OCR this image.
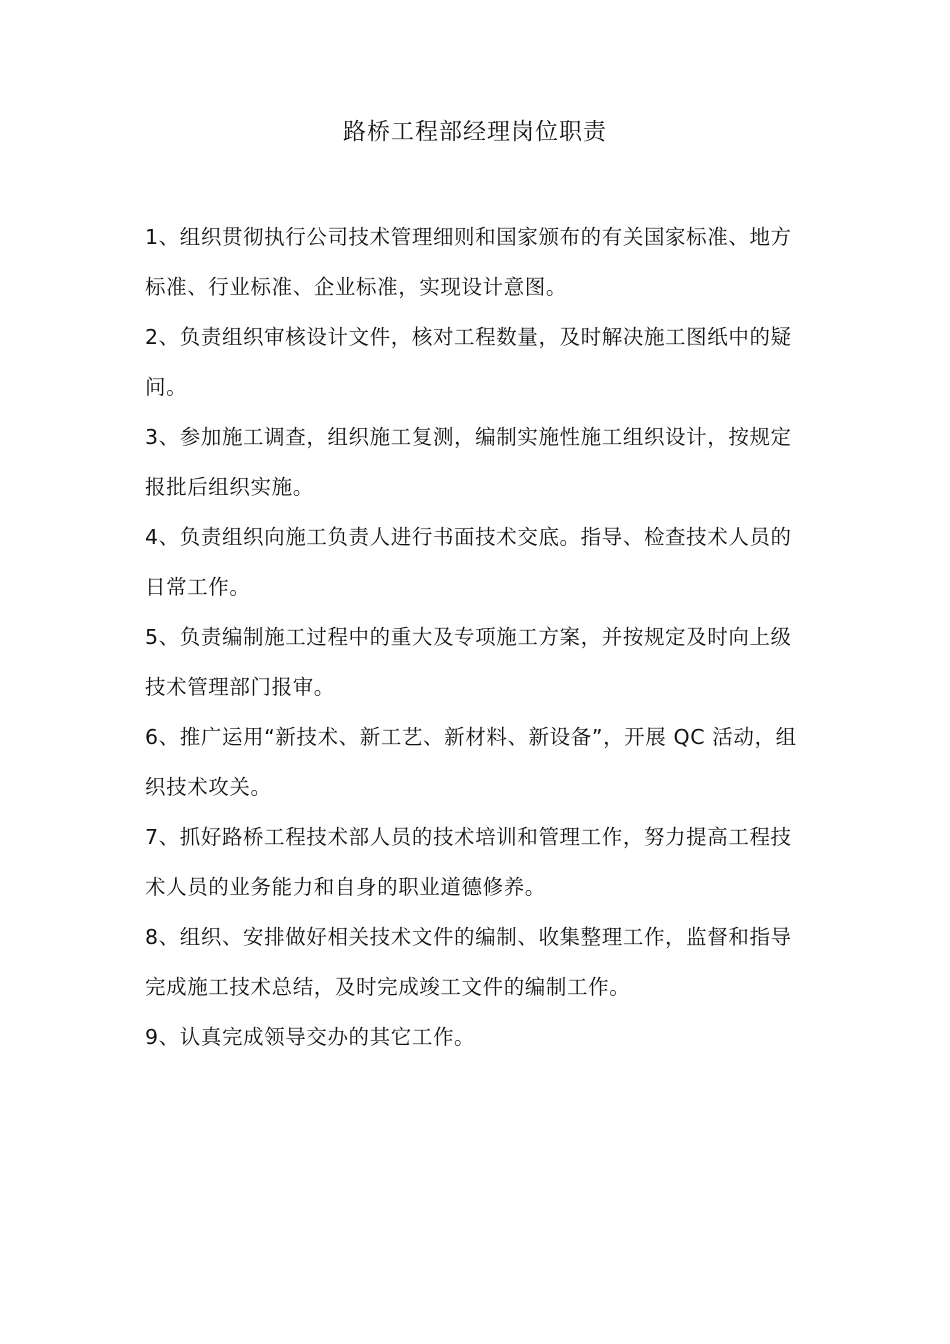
路桥工程部经理岗位职责

1、组织贯彻执行公司技术管理细则和国家颁布的有关国家标准、地方标准、行业标准、企业标准，实现设计意图。

2、负责组织审核设计文件，核对工程数量，及时解决施工图纸中的疑问。

3、参加施工调查，组织施工复测，编制实施性施工组织设计，按规定报批后组织实施。

4、负责组织向施工负责人进行书面技术交底。指导、检查技术人员的日常工作。

5、负责编制施工过程中的重大及专项施工方案，并按规定及时向上级技术管理部门报审。

6、推广运用“新技术、新工艺、新材料、新设备”，开展 QC 活动，组织技术攻关。

7、抓好路桥工程技术部人员的技术培训和管理工作，努力提高工程技术人员的业务能力和自身的职业道德修养。

8、组织、安排做好相关技术文件的编制、收集整理工作，监督和指导完成施工技术总结，及时完成竣工文件的编制工作。

9、认真完成领导交办的其它工作。
